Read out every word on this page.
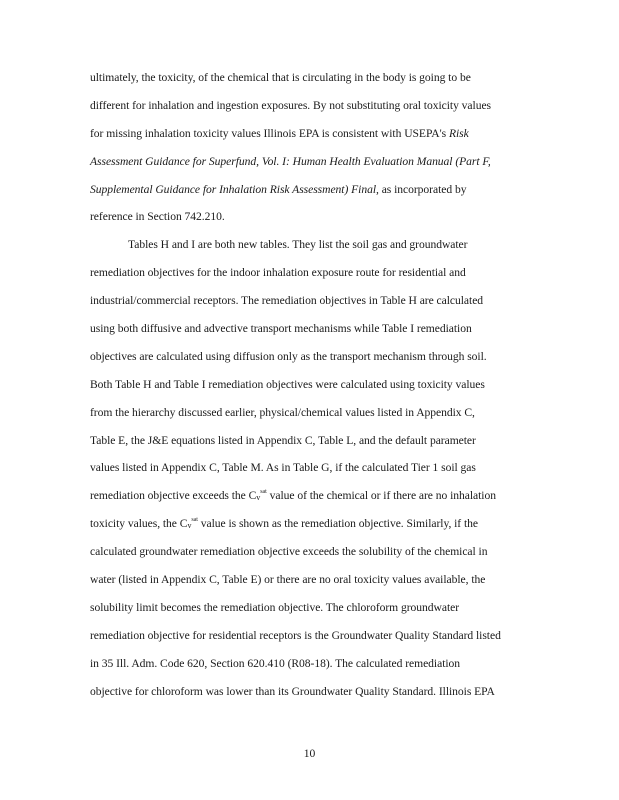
ultimately, the toxicity, of the chemical that is circulating in the body is going to be
different for inhalation and ingestion exposures. By not substituting oral toxicity values
for missing inhalation toxicity values Illinois EPA is consistent with USEPA's Risk
Assessment Guidance for Superfund, Vol. I: Human Health Evaluation Manual (Part F,
Supplemental Guidance for Inhalation Risk Assessment) Final, as incorporated by
reference in Section 742.210.
Tables H and I are both new tables. They list the soil gas and groundwater
remediation objectives for the indoor inhalation exposure route for residential and
industrial/commercial receptors. The remediation objectives in Table H are calculated
using both diffusive and advective transport mechanisms while Table I remediation
objectives are calculated using diffusion only as the transport mechanism through soil.
Both Table H and Table I remediation objectives were calculated using toxicity values
from the hierarchy discussed earlier, physical/chemical values listed in Appendix C,
Table E, the J&E equations listed in Appendix C, Table L, and the default parameter
values listed in Appendix C, Table M. As in Table G, if the calculated Tier 1 soil gas
remediation objective exceeds the $C_v^{sat}$ value of the chemical or if there are no inhalation
toxicity values, the $C_v^{sat}$ value is shown as the remediation objective. Similarly, if the
calculated groundwater remediation objective exceeds the solubility of the chemical in
water (listed in Appendix C, Table E) or there are no oral toxicity values available, the
solubility limit becomes the remediation objective. The chloroform groundwater
remediation objective for residential receptors is the Groundwater Quality Standard listed
in 35 Ill. Adm. Code 620, Section 620.410 (R08-18). The calculated remediation
objective for chloroform was lower than its Groundwater Quality Standard. Illinois EPA
10
